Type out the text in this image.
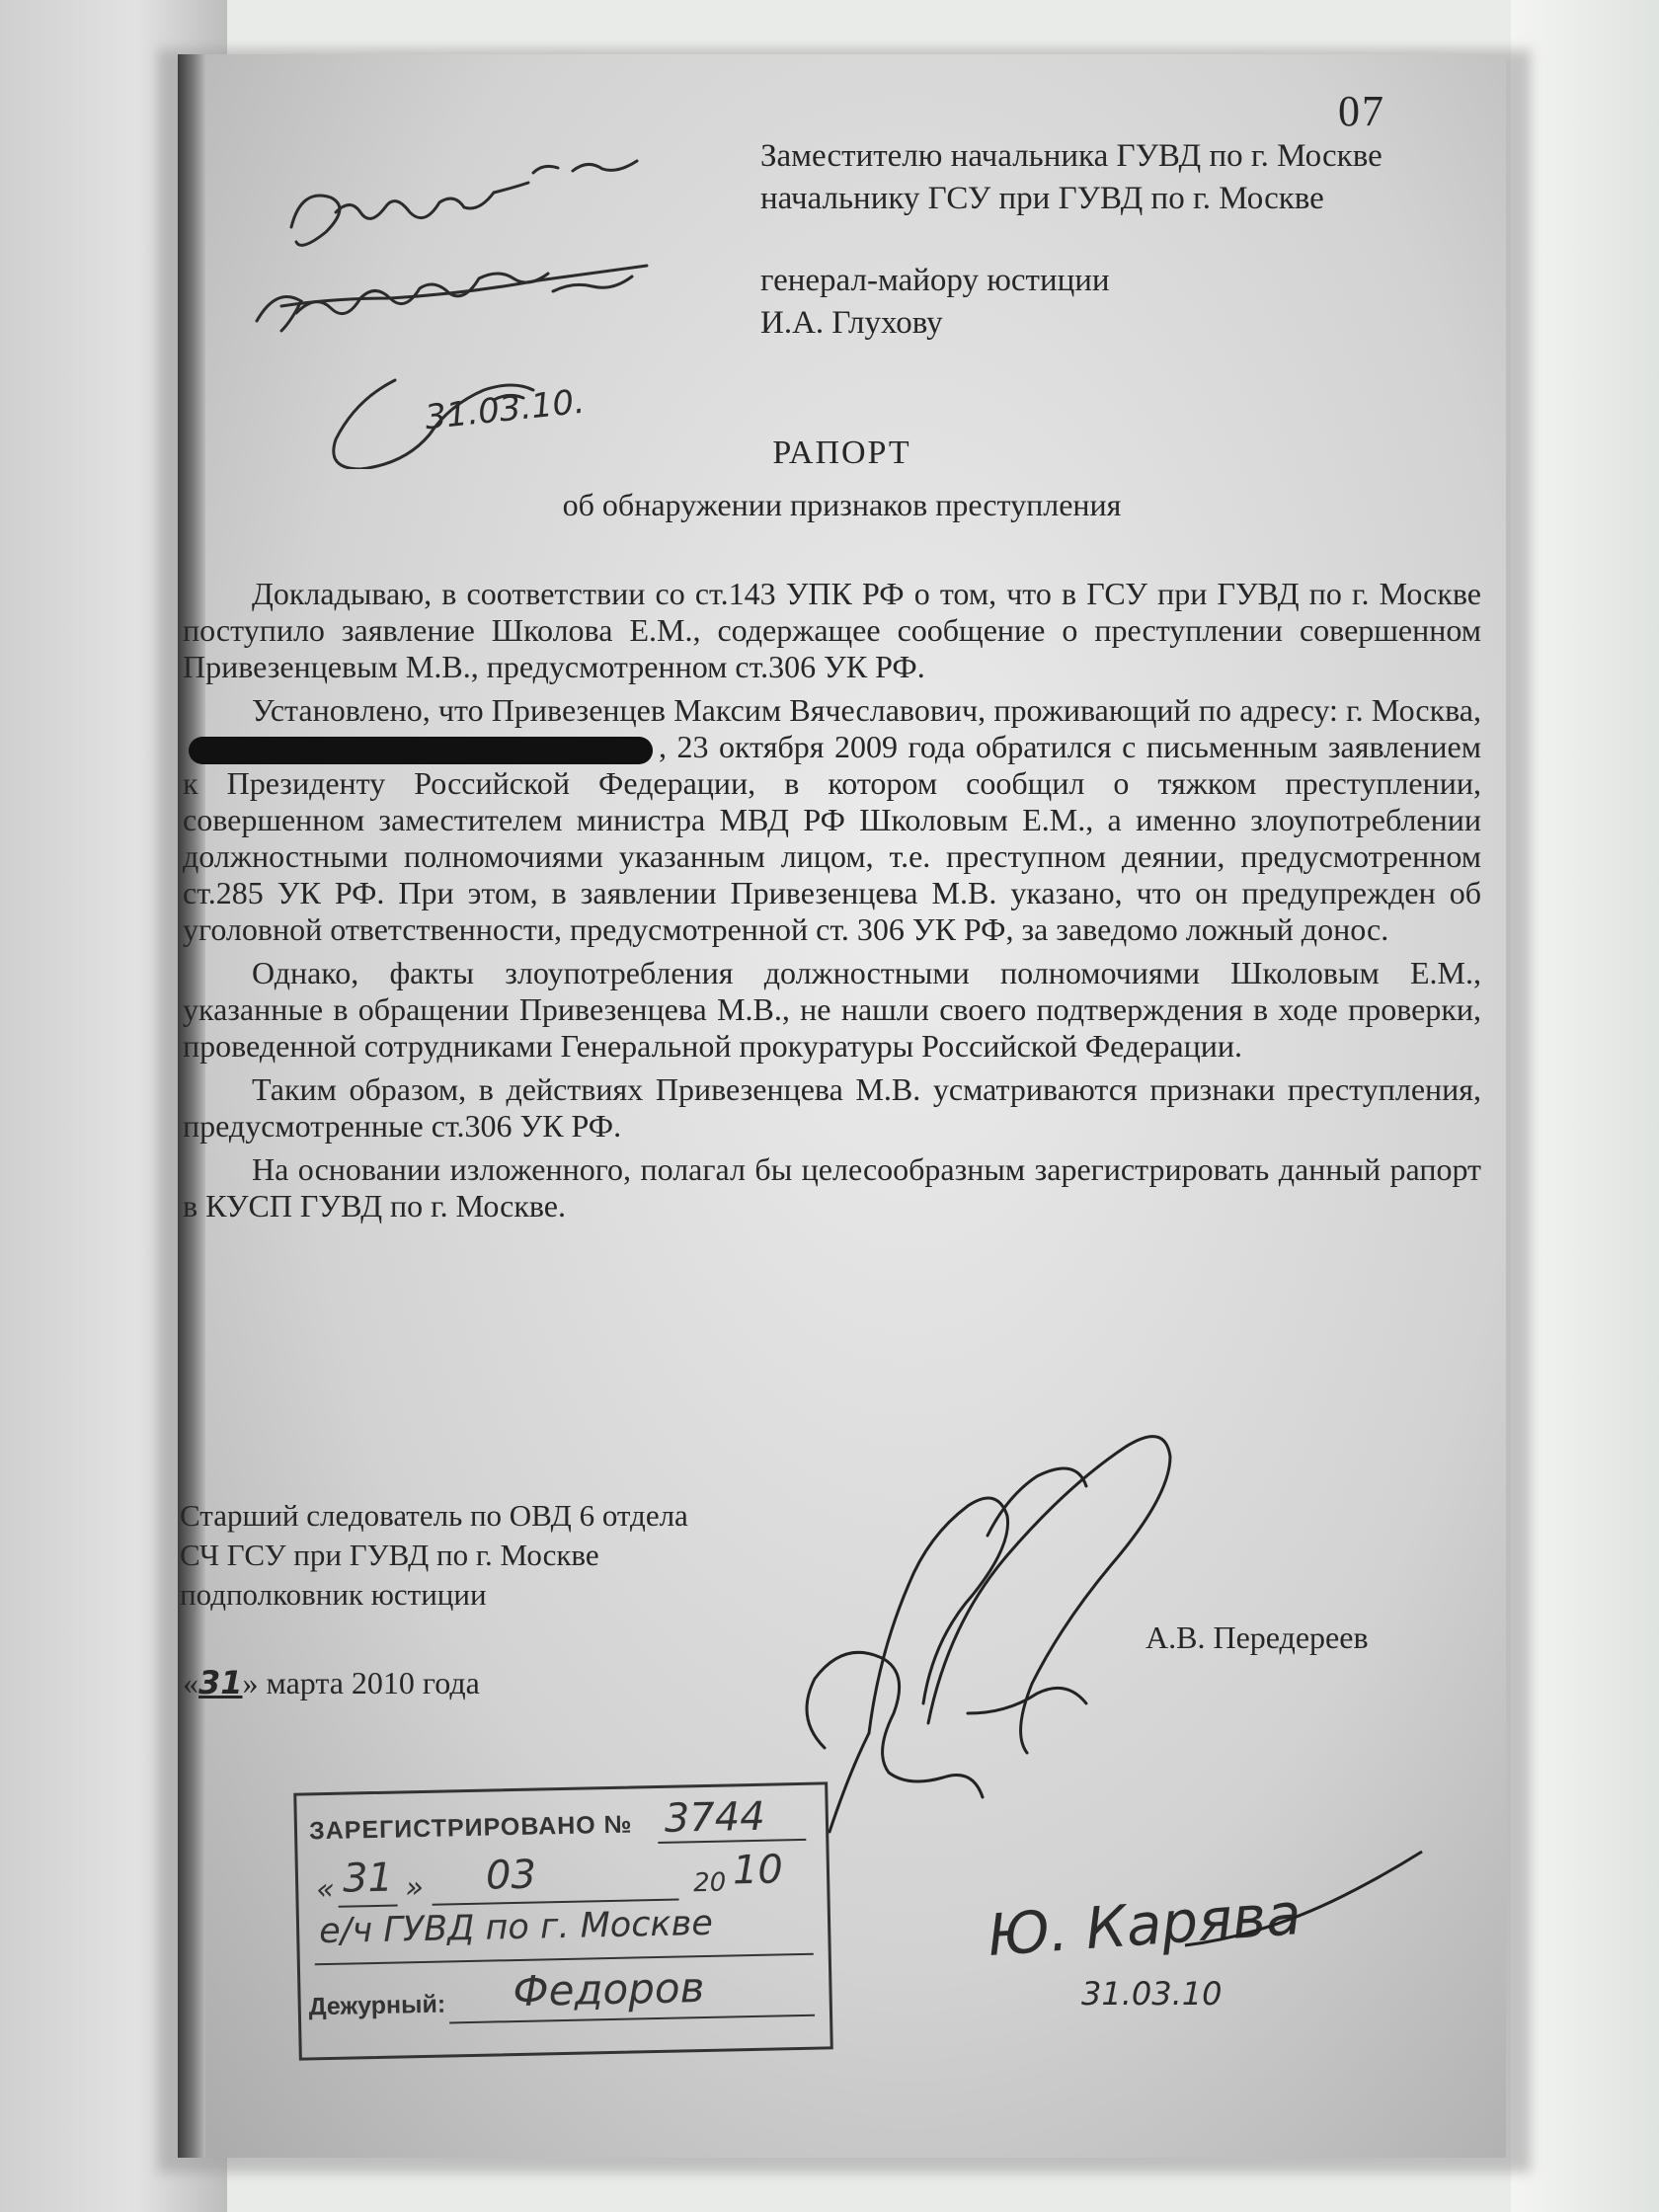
07
Заместителю начальника ГУВД по г. Москве
начальнику ГСУ при ГУВД по г. Москве
генерал-майору юстиции
И.А. Глухову
31.03.10.
РАПОРТ
об обнаружении признаков преступления

Докладываю, в соответствии со ст.143 УПК РФ о том, что в ГСУ при ГУВД по г. Москве поступило заявление Школова Е.М., содержащее сообщение о преступлении совершенном Привезенцевым М.В., предусмотренном ст.306 УК РФ.

Установлено, что Привезенцев Максим Вячеславович, проживающий по адресу: г. Москва,, 23 октября 2009 года обратился с письменным заявлением к Президенту Российской Федерации, в котором сообщил о тяжком преступлении, совершенном заместителем министра МВД РФ Школовым Е.М., а именно злоупотреблении должностными полномочиями указанным лицом, т.е. преступном деянии, предусмотренном ст.285 УК РФ. При этом, в заявлении Привезенцева М.В. указано, что он предупрежден об уголовной ответственности, предусмотренной ст. 306 УК РФ, за заведомо ложный донос.

Однако, факты злоупотребления должностными полномочиями Школовым Е.М., указанные в обращении Привезенцева М.В., не нашли своего подтверждения в ходе проверки, проведенной сотрудниками Генеральной прокуратуры Российской Федерации.

Таким образом, в действиях Привезенцева М.В. усматриваются признаки преступления, предусмотренные ст.306 УК РФ.

На основании изложенного, полагал бы целесообразным зарегистрировать данный рапорт в КУСП ГУВД по г. Москве.

Старший следователь по ОВД 6 отдела
СЧ ГСУ при ГУВД по г. Москве
подполковник юстиции
А.В. Передереев
«31» марта 2010 года
ЗАРЕГИСТРИРОВАНО № 3744
« 31 » 03	20 10
е/ч ГУВД по г. Москве
Дежурный: Федоров
Ю. Карява
31.03.10
